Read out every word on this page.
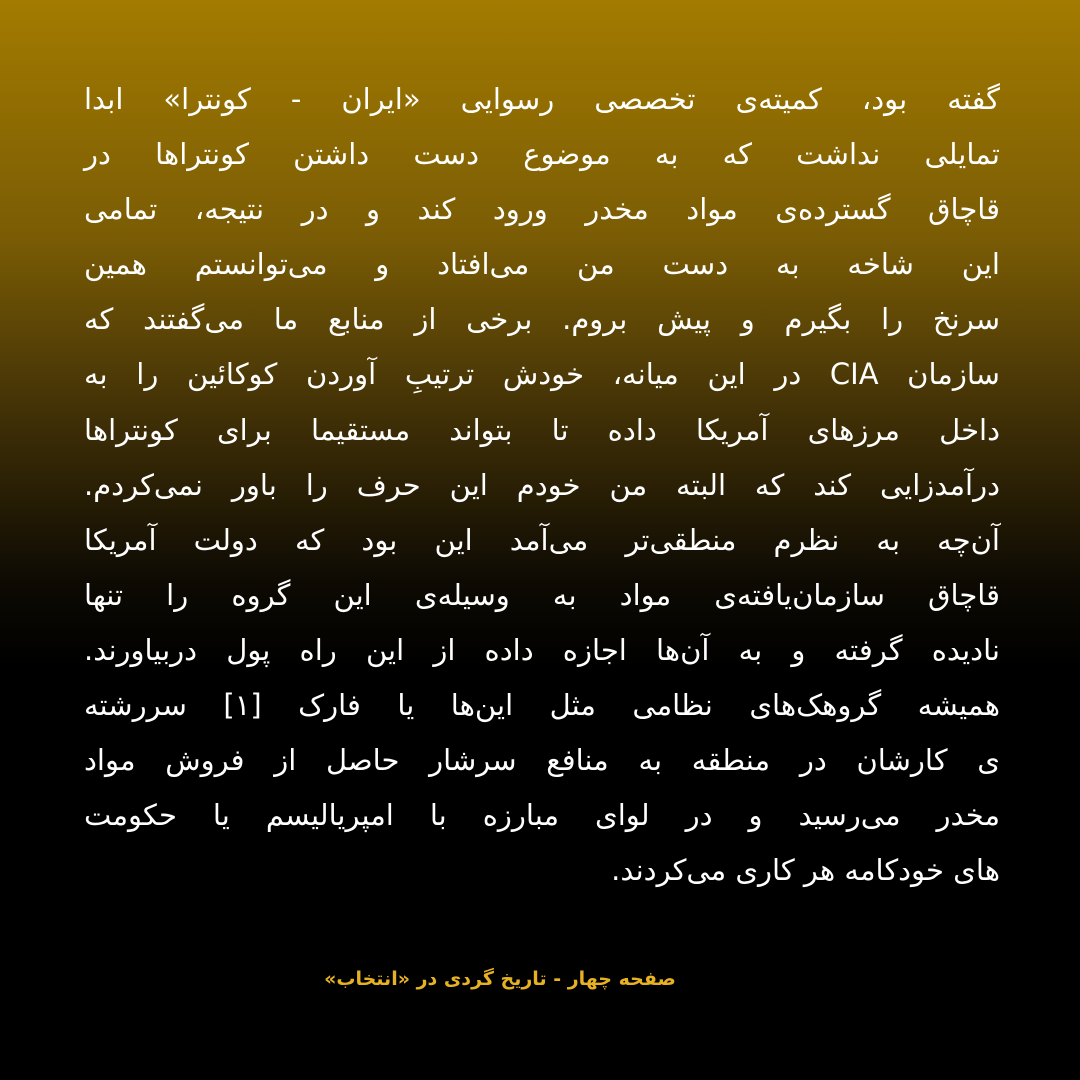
گفته بود، کمیته‌ی تخصصی رسوایی «ایران - کونترا» ابدا
تمایلی نداشت که به موضوع دست داشتن کونتراها در
قاچاق گسترده‌ی مواد مخدر ورود کند و در نتیجه، تمامی
این شاخه به دست من می‌افتاد و می‌توانستم همین
سرنخ را بگیرم و پیش بروم. برخی از منابع ما می‌گفتند که
سازمان CIA در این میانه، خودش ترتیبِ آوردن کوکائین را به
داخل مرزهای آمریکا داده تا بتواند مستقیما برای کونتراها
درآمدزایی کند که البته من خودم این حرف را باور نمی‌کردم.
آن‌چه به نظرم منطقی‌تر می‌آمد این بود که دولت آمریکا
قاچاق سازمان‌یافته‌ی مواد به وسیله‌ی این گروه را تنها
نادیده گرفته و به آن‌ها اجازه داده از این راه پول دربیاورند.
همیشه گروهک‌های نظامی مثل این‌ها یا فارک [۱] سررشته
ی کارشان در منطقه به منافع سرشار حاصل از فروش مواد
مخدر می‌رسید و در لوای مبارزه با امپریالیسم یا حکومت
های خودکامه هر کاری می‌کردند.
صفحه چهار - تاریخ گردی در «انتخاب»
